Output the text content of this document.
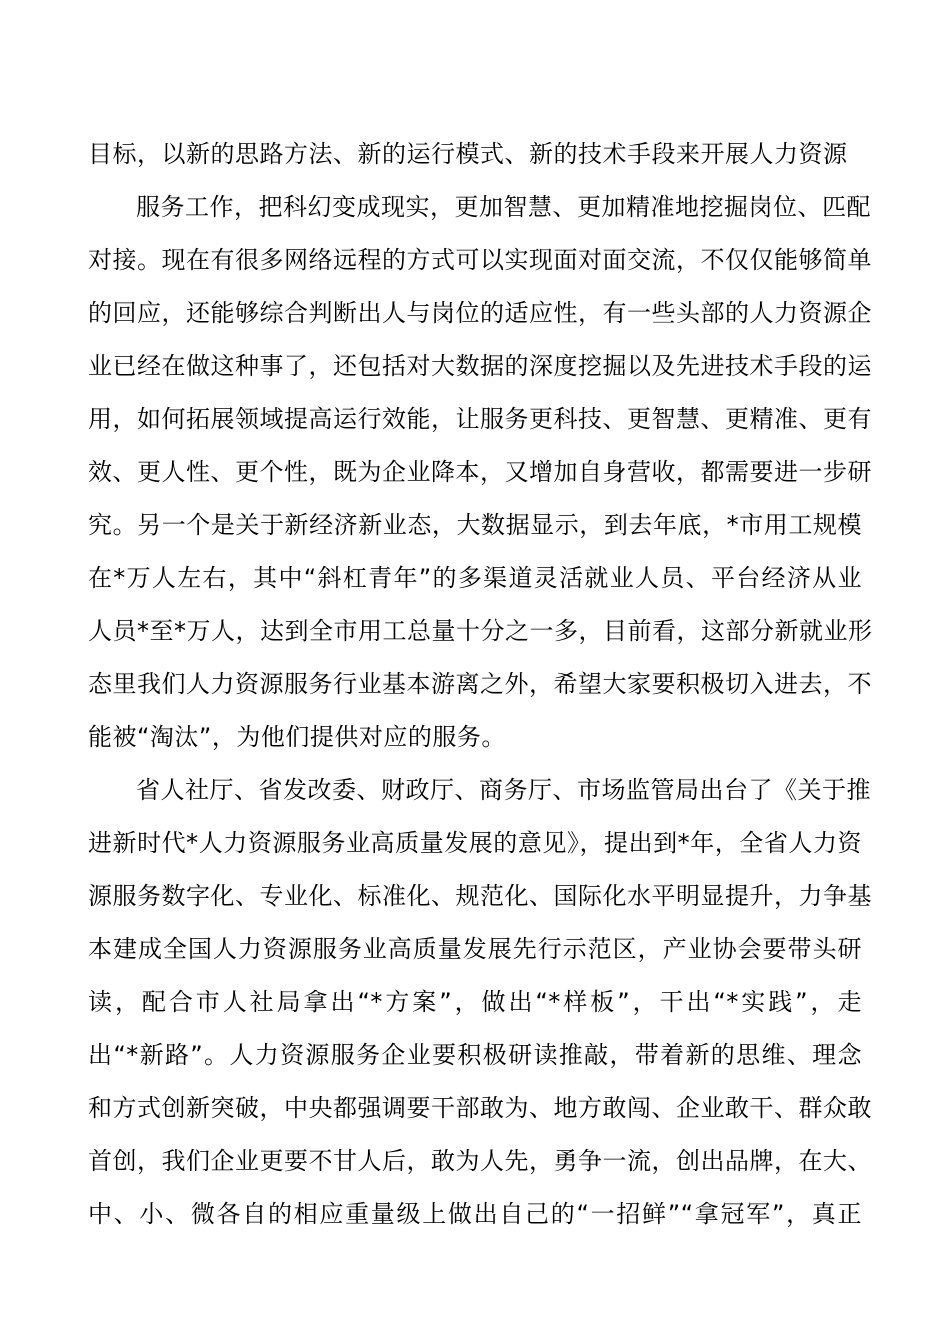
目标，以新的思路方法、新的运行模式、新的技术手段来开展人力资源
服务工作，把科幻变成现实，更加智慧、更加精准地挖掘岗位、匹配
对接。现在有很多网络远程的方式可以实现面对面交流，不仅仅能够简单
的回应，还能够综合判断出人与岗位的适应性，有一些头部的人力资源企
业已经在做这种事了，还包括对大数据的深度挖掘以及先进技术手段的运
用，如何拓展领域提高运行效能，让服务更科技、更智慧、更精准、更有
效、更人性、更个性，既为企业降本，又增加自身营收，都需要进一步研
究。另一个是关于新经济新业态，大数据显示，到去年底，*市用工规模
在*万人左右，其中“斜杠青年”的多渠道灵活就业人员、平台经济从业
人员*至*万人，达到全市用工总量十分之一多，目前看，这部分新就业形
态里我们人力资源服务行业基本游离之外，希望大家要积极切入进去，不
能被“淘汰”，为他们提供对应的服务。
省人社厅、省发改委、财政厅、商务厅、市场监管局出台了《关于推
进新时代*人力资源服务业高质量发展的意见》，提出到*年，全省人力资
源服务数字化、专业化、标准化、规范化、国际化水平明显提升，力争基
本建成全国人力资源服务业高质量发展先行示范区，产业协会要带头研
读，配合市人社局拿出“*方案”，做出“*样板”，干出“*实践”，走
出“*新路”。人力资源服务企业要积极研读推敲，带着新的思维、理念
和方式创新突破，中央都强调要干部敢为、地方敢闯、企业敢干、群众敢
首创，我们企业更要不甘人后，敢为人先，勇争一流，创出品牌，在大、
中、小、微各自的相应重量级上做出自己的“一招鲜”“拿冠军”，真正
